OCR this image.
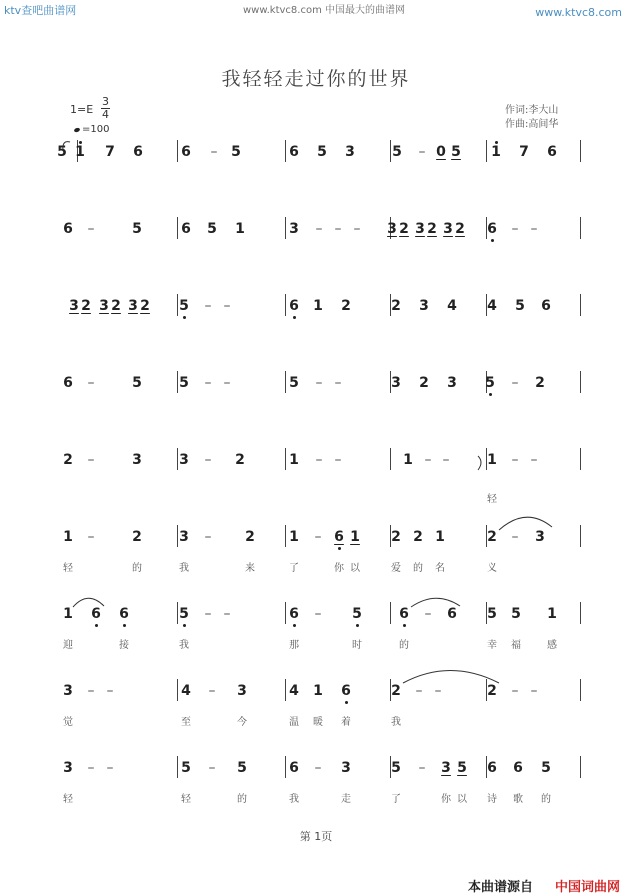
ktv查吧曲谱网	www.ktvc8.com 中国最大的曲谱网	www.ktvc8.com
我轻轻走过你的世界
作词:李大山
作曲:高间华
1=E
3
4
=100
5 1	7	6	6	– 5	6	5	3	5	– 0 5	1	7	6
6	–	5	6	5	1	3	– – –	3 2 3 2 3 2	6	– –
3 2 3 2 3 2	5	– –	6	1	2	2	3	4	4	5	6
6	–	5	5	– –	5	– –	3	2	3	5	–	2
2	–	3	3	–	2	1	– –	1 – –	1	– –
轻
1	–	2	3	–	2	1	– 6 1	2 2 1	2	–	3
轻	的	我	来	了	你 以	爱	的	名	义
1	6	6	5	– –	6	–	5	6	–	6	5	5	1
迎	接	我	那	时	的	幸	福	感
3	– –	4	–	3	4	1	6	2	– –	2	– –
觉	至	今	温	暖	着	我
3	– –	5	–	5	6	–	3	5	–	3 5	6	6	5
轻	轻	的	我	走	了	你 以	诗	歌	的
第 1页
本曲谱源自 中国词曲网
